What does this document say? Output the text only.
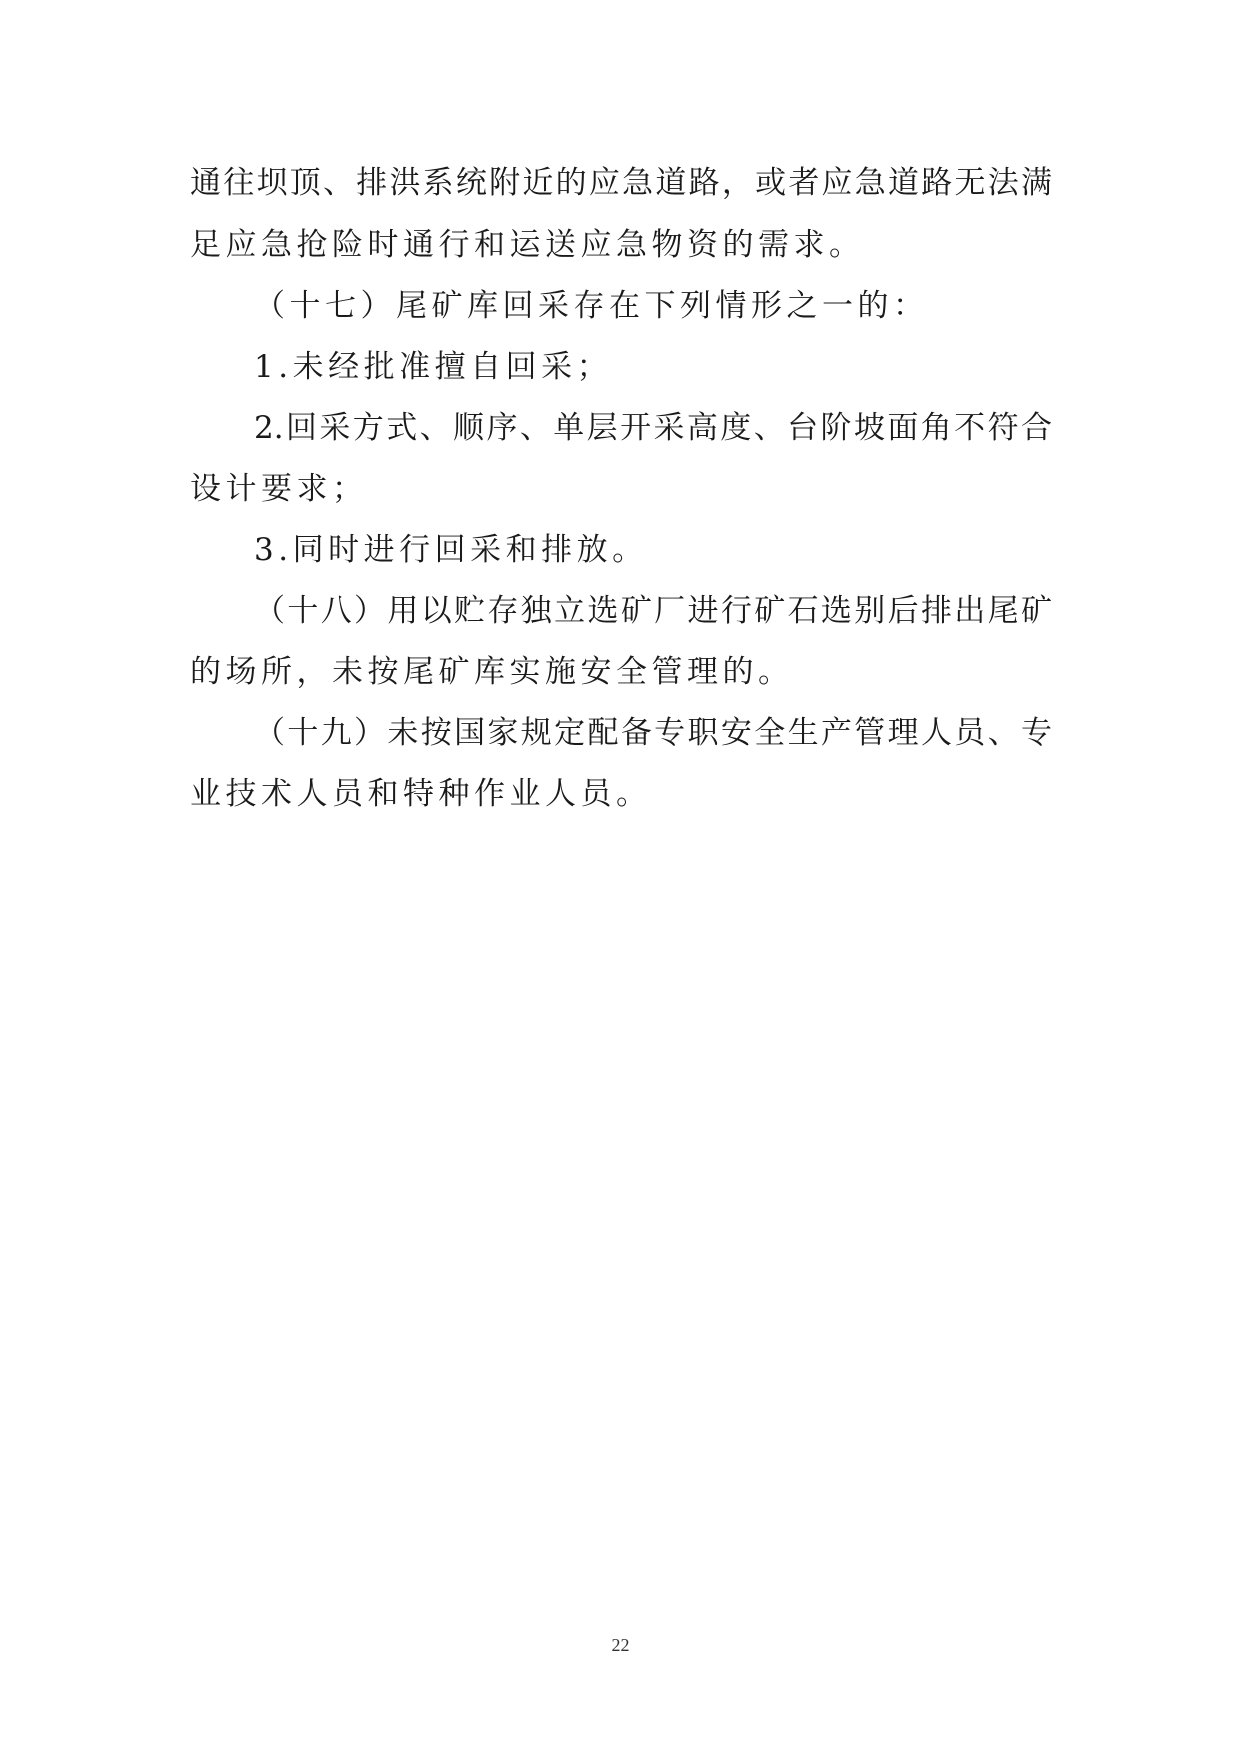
通往坝顶、排洪系统附近的应急道路，或者应急道路无法满
足应急抢险时通行和运送应急物资的需求。
（十七）尾矿库回采存在下列情形之一的：
1.未经批准擅自回采；
2.回采方式、顺序、单层开采高度、台阶坡面角不符合
设计要求；
3.同时进行回采和排放。
（十八）用以贮存独立选矿厂进行矿石选别后排出尾矿
的场所，未按尾矿库实施安全管理的。
（十九）未按国家规定配备专职安全生产管理人员、专
业技术人员和特种作业人员。
22
